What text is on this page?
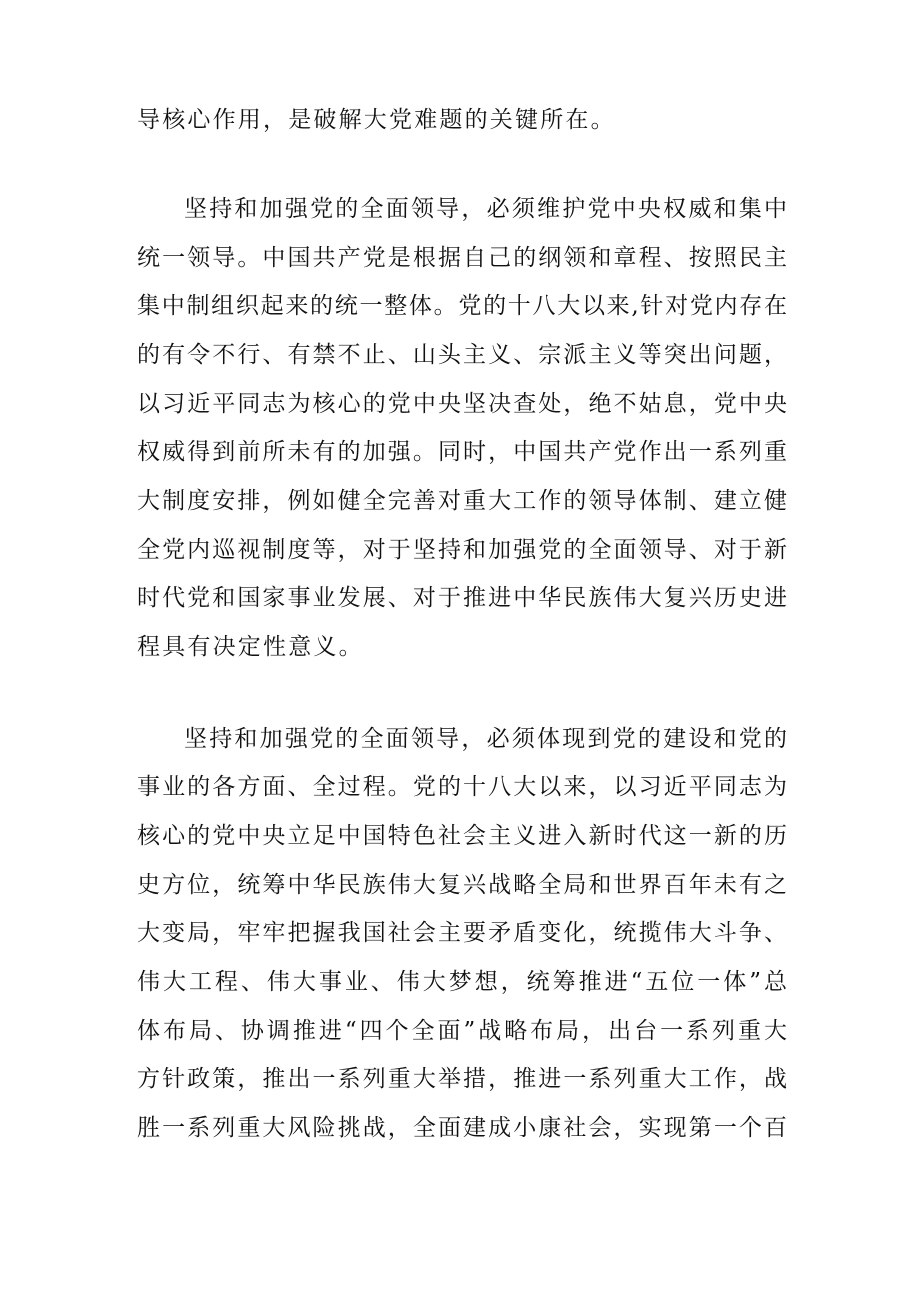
导核心作用，是破解大党难题的关键所在。
坚持和加强党的全面领导，必须维护党中央权威和集中
统一领导。中国共产党是根据自己的纲领和章程、按照民主
集中制组织起来的统一整体。党的十八大以来,针对党内存在
的有令不行、有禁不止、山头主义、宗派主义等突出问题，
以习近平同志为核心的党中央坚决查处，绝不姑息，党中央
权威得到前所未有的加强。同时，中国共产党作出一系列重
大制度安排，例如健全完善对重大工作的领导体制、建立健
全党内巡视制度等，对于坚持和加强党的全面领导、对于新
时代党和国家事业发展、对于推进中华民族伟大复兴历史进
程具有决定性意义。
坚持和加强党的全面领导，必须体现到党的建设和党的
事业的各方面、全过程。党的十八大以来，以习近平同志为
核心的党中央立足中国特色社会主义进入新时代这一新的历
史方位，统筹中华民族伟大复兴战略全局和世界百年未有之
大变局，牢牢把握我国社会主要矛盾变化，统揽伟大斗争、
伟大工程、伟大事业、伟大梦想，统筹推进“五位一体”总
体布局、协调推进“四个全面”战略布局，出台一系列重大
方针政策，推出一系列重大举措，推进一系列重大工作，战
胜一系列重大风险挑战，全面建成小康社会，实现第一个百
